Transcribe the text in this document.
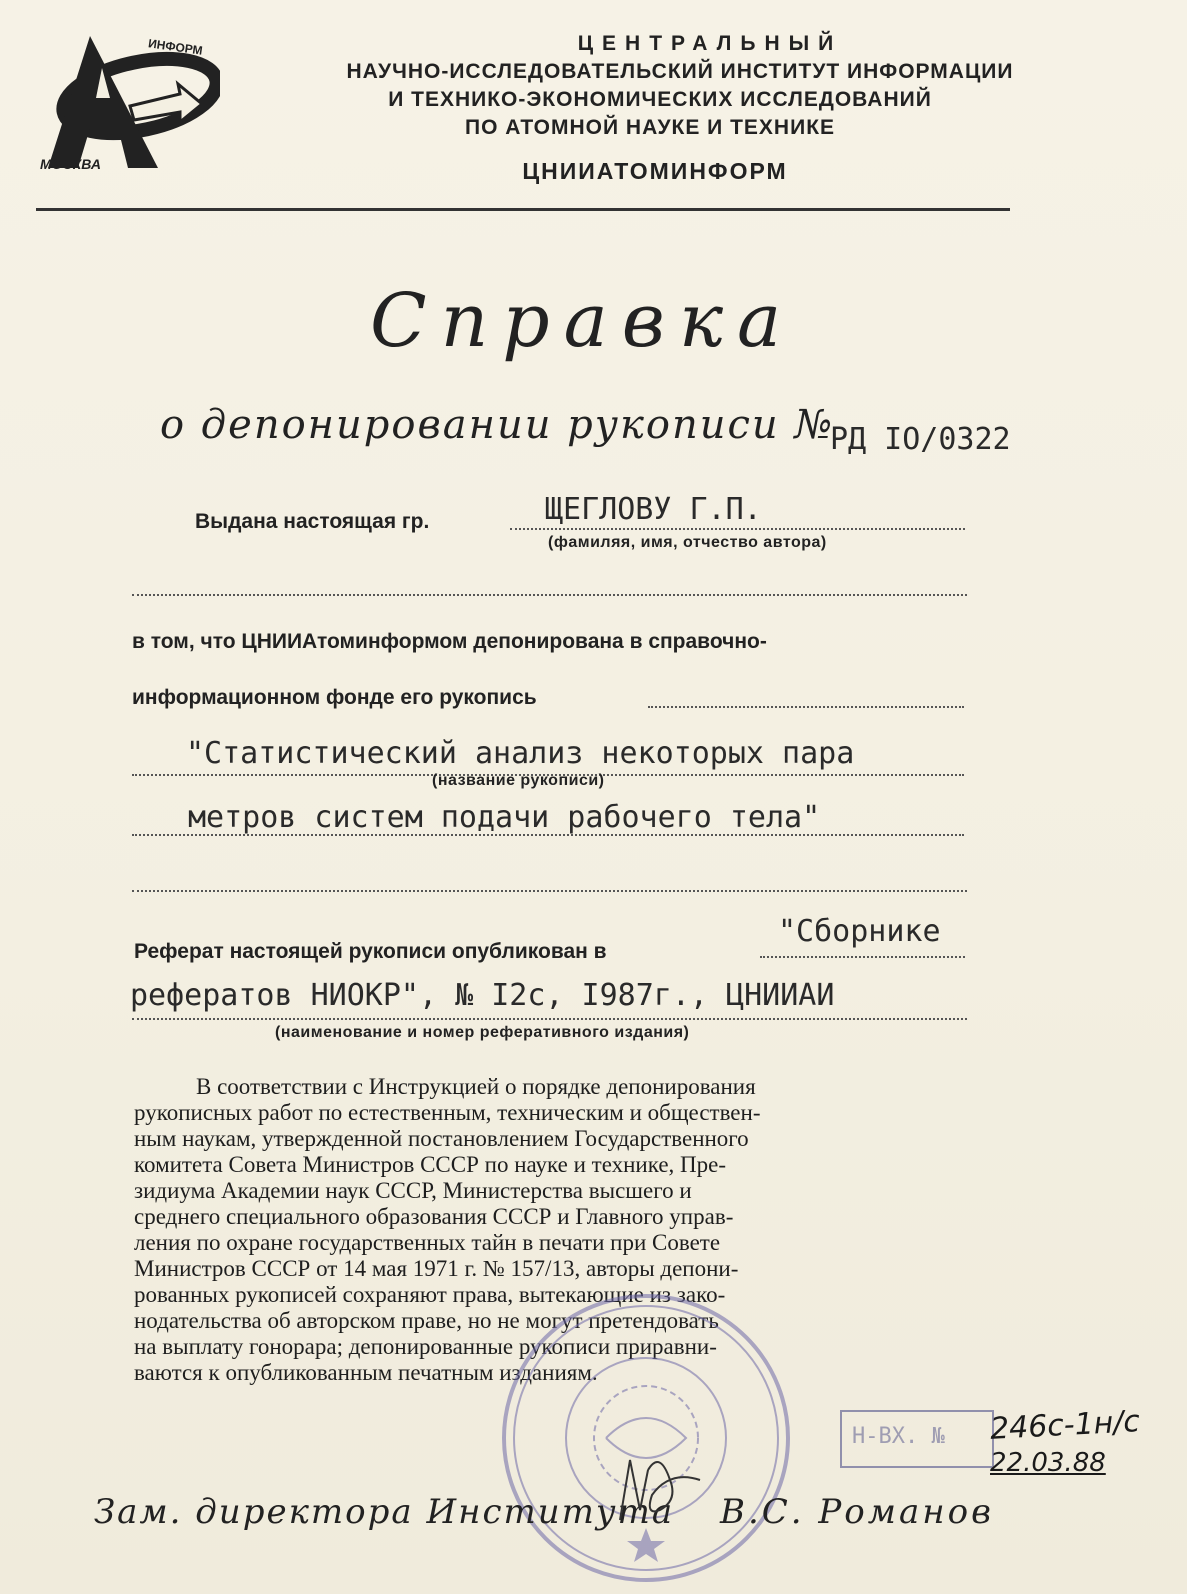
ИНФОРМ
МОСКВА
ЦЕНТРАЛЬНЫЙ
НАУЧНО-ИССЛЕДОВАТЕЛЬСКИЙ ИНСТИТУТ ИНФОРМАЦИИ
И ТЕХНИКО-ЭКОНОМИЧЕСКИХ ИССЛЕДОВАНИЙ
ПО АТОМНОЙ НАУКЕ И ТЕХНИКЕ
ЦНИИАТОМИНФОРМ
Справка
о депонировании рукописи №
РД IO/0322
Выдана настоящая гр.	ЩЕГЛОВУ Г.П.
(фамиляя, имя, отчество автора)
в том, что ЦНИИАтоминформом депонирована в справочно-
информационном фонде его рукопись
"Статистический анализ некоторых пара
(название рукописи)
метров систем подачи рабочего тела"
Реферат настоящей рукописи опубликован в
"Сборнике
рефератов НИОКР", № I2с, I987г., ЦНИИАИ
(наименование и номер реферативного издания)
В соответствии с Инструкцией о порядке депонирования
рукописных работ по естественным, техническим и обществен-
ным наукам, утвержденной постановлением Государственного
комитета Совета Министров СССР по науке и технике, Пре-
зидиума Академии наук СССР, Министерства высшего и
среднего специального образования СССР и Главного управ-
ления по охране государственных тайн в печати при Совете
Министров СССР от 14 мая 1971 г. № 157/13, авторы депони-
рованных рукописей сохраняют права, вытекающие из зако-
нодательства об авторском праве, но не могут претендовать
на выплату гонорара; депонированные рукописи приравни-
ваются к опубликованным печатным изданиям.
Н-ВХ. № 246с-1н/с
22.03.88
Зам. директора Института В.С. Романов
